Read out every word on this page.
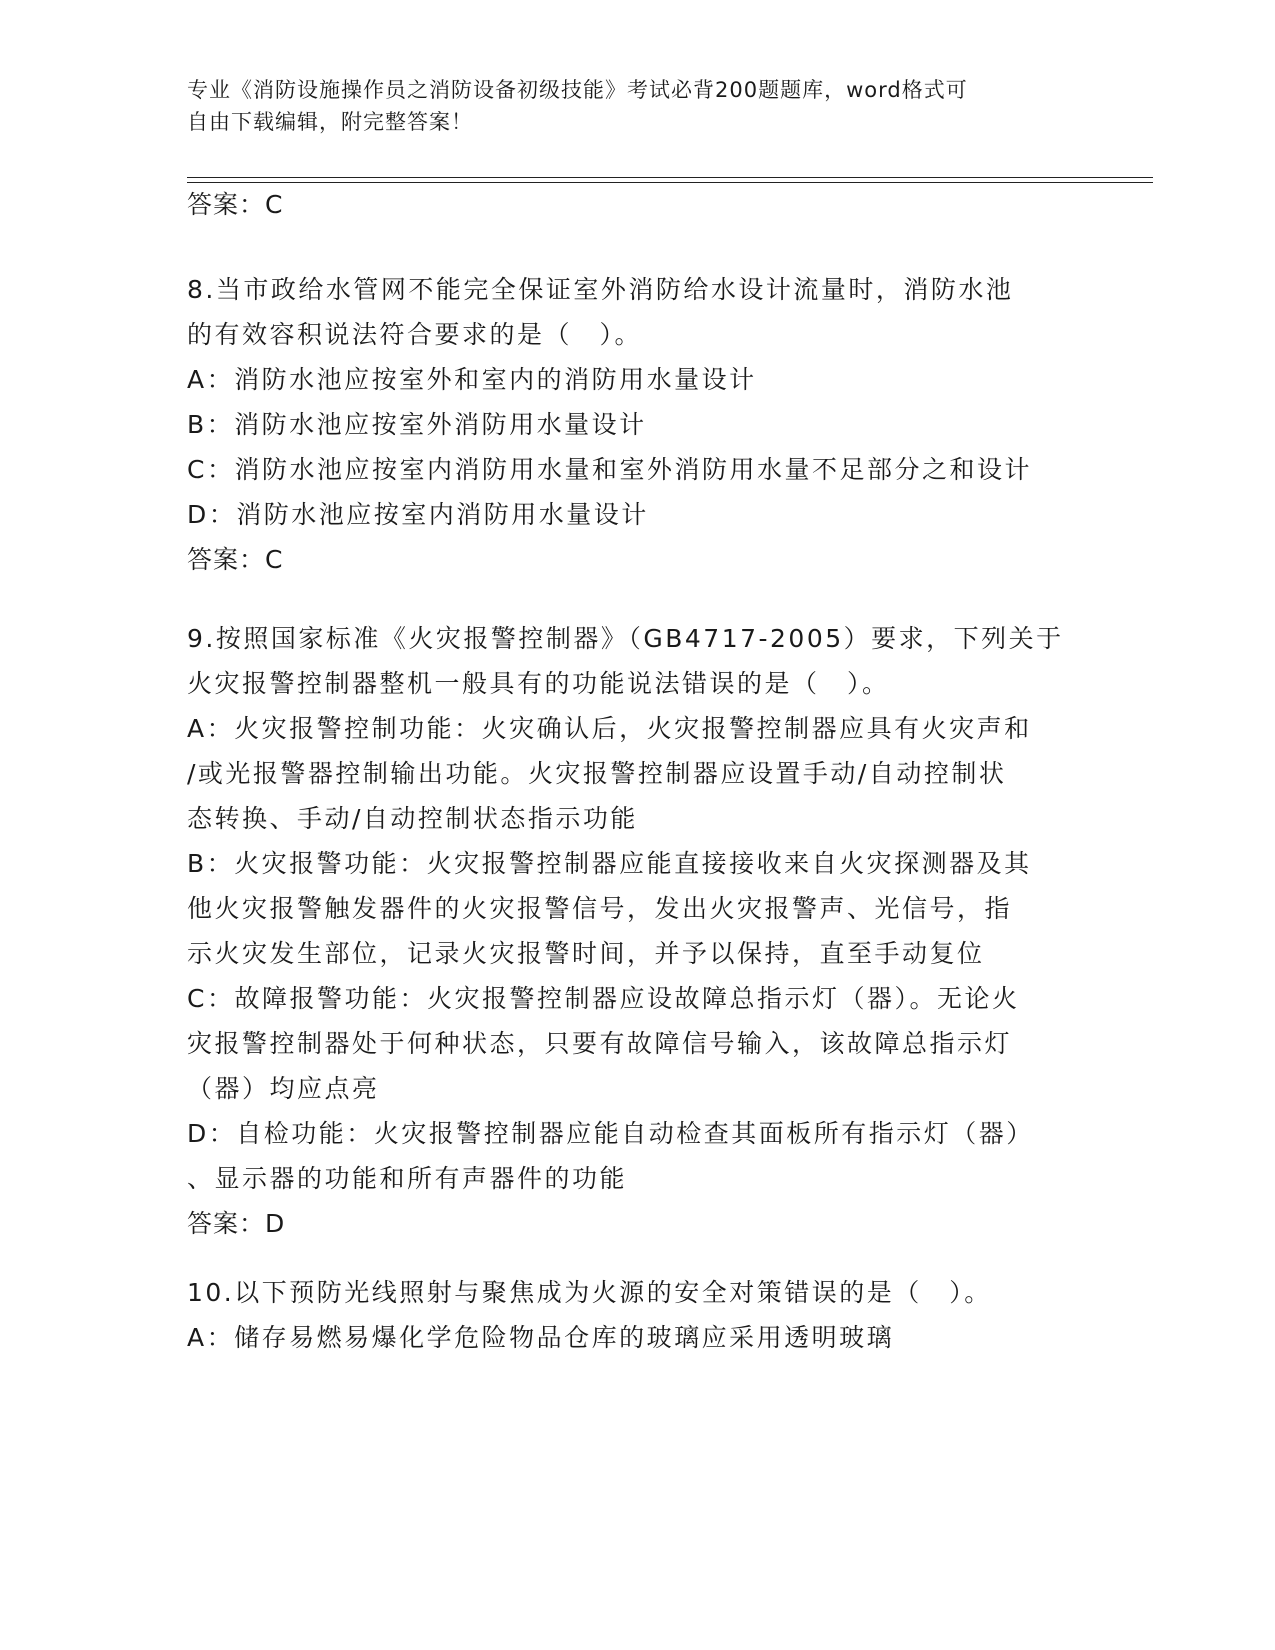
专业《消防设施操作员之消防设备初级技能》考试必背200题题库，word格式可
自由下载编辑，附完整答案！
答案：C
8.当市政给水管网不能完全保证室外消防给水设计流量时，消防水池
的有效容积说法符合要求的是（　）。
A：消防水池应按室外和室内的消防用水量设计
B：消防水池应按室外消防用水量设计
C：消防水池应按室内消防用水量和室外消防用水量不足部分之和设计
D：消防水池应按室内消防用水量设计
答案：C
9.按照国家标准《火灾报警控制器》（GB4717-2005）要求，下列关于
火灾报警控制器整机一般具有的功能说法错误的是（　）。
A：火灾报警控制功能：火灾确认后，火灾报警控制器应具有火灾声和
/或光报警器控制输出功能。火灾报警控制器应设置手动/自动控制状
态转换、手动/自动控制状态指示功能
B：火灾报警功能：火灾报警控制器应能直接接收来自火灾探测器及其
他火灾报警触发器件的火灾报警信号，发出火灾报警声、光信号，指
示火灾发生部位，记录火灾报警时间，并予以保持，直至手动复位
C：故障报警功能：火灾报警控制器应设故障总指示灯（器）。无论火
灾报警控制器处于何种状态，只要有故障信号输入，该故障总指示灯
（器）均应点亮
D：自检功能：火灾报警控制器应能自动检查其面板所有指示灯（器）
、显示器的功能和所有声器件的功能
答案：D
10.以下预防光线照射与聚焦成为火源的安全对策错误的是（　）。
A：储存易燃易爆化学危险物品仓库的玻璃应采用透明玻璃
